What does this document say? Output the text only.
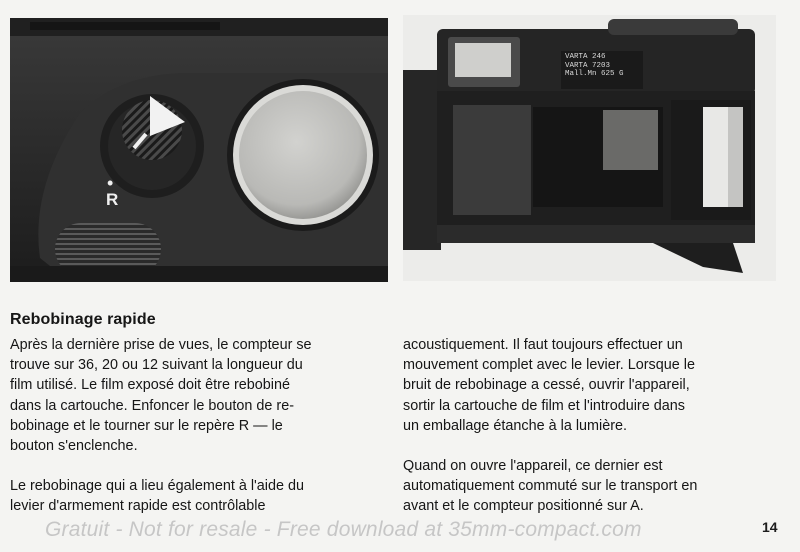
•
R
VARTA 246
VARTA 7203
Mall.Mn 625 G
Rebobinage rapide

Après la dernière prise de vues, le compteur se
trouve sur 36, 20 ou 12 suivant la longueur du
film utilisé. Le film exposé doit être rebobiné
dans la cartouche. Enfoncer le bouton de re-
bobinage et le tourner sur le repère R — le
bouton s'enclenche.

Le rebobinage qui a lieu également à l'aide du
levier d'armement rapide est contrôlable

acoustiquement. Il faut toujours effectuer un
mouvement complet avec le levier. Lorsque le
bruit de rebobinage a cessé, ouvrir l'appareil,
sortir la cartouche de film et l'introduire dans
un emballage étanche à la lumière.

Quand on ouvre l'appareil, ce dernier est
automatiquement commuté sur le transport en
avant et le compteur positionné sur A.

Gratuit - Not for resale - Free download at 35mm-compact.com	14
